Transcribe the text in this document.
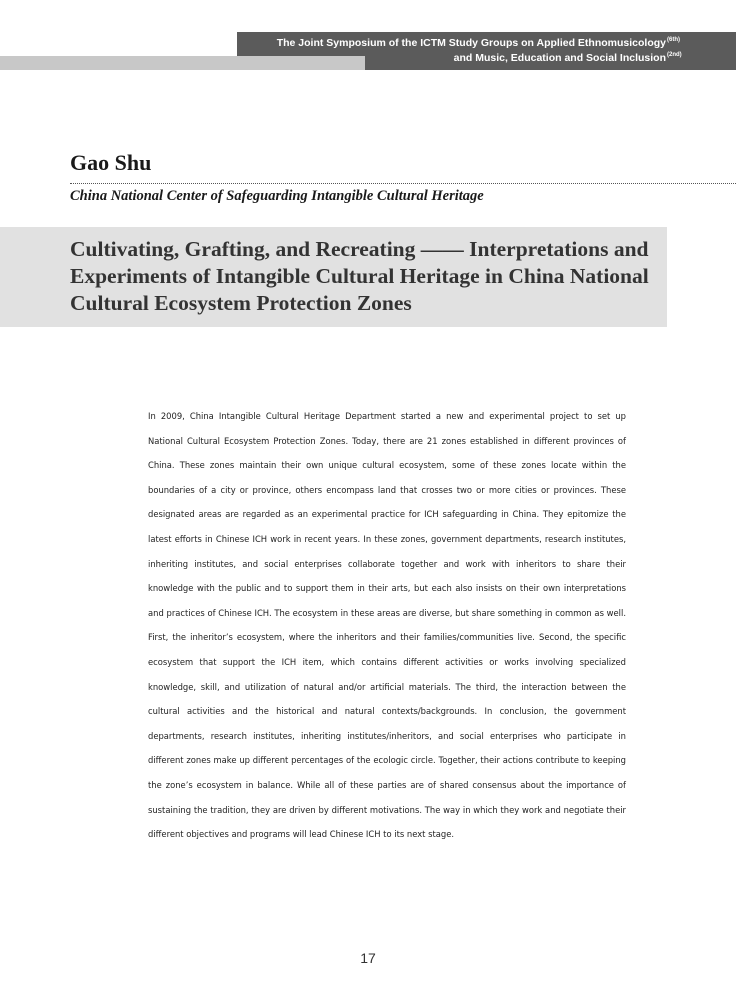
The Joint Symposium of the ICTM Study Groups on Applied Ethnomusicology (6th)
and Music, Education and Social Inclusion (2nd)
Gao Shu
China National Center of Safeguarding Intangible Cultural Heritage
Cultivating, Grafting, and Recreating —— Interpretations and Experiments of Intangible Cultural Heritage in China National Cultural Ecosystem Protection Zones

In 2009, China Intangible Cultural Heritage Department started a new and experimental project to set up National Cultural Ecosystem Protection Zones. Today, there are 21 zones established in different provinces of China. These zones maintain their own unique cultural ecosystem, some of these zones locate within the boundaries of a city or province, others encompass land that crosses two or more cities or provinces. These designated areas are regarded as an experimental practice for ICH safeguarding in China. They epitomize the latest efforts in Chinese ICH work in recent years. In these zones, government departments, research institutes, inheriting institutes, and social enterprises collaborate together and work with inheritors to share their knowledge with the public and to support them in their arts, but each also insists on their own interpretations and practices of Chinese ICH. The ecosystem in these areas are diverse, but share something in common as well. First, the inheritor’s ecosystem, where the inheritors and their families/communities live. Second, the specific ecosystem that support the ICH item, which contains different activities or works involving specialized knowledge, skill, and utilization of natural and/or artificial materials. The third, the interaction between the cultural activities and the historical and natural contexts/backgrounds. In conclusion, the government departments, research institutes, inheriting institutes/inheritors, and social enterprises who participate in different zones make up different percentages of the ecologic circle. Together, their actions contribute to keeping the zone’s ecosystem in balance. While all of these parties are of shared consensus about the importance of sustaining the tradition, they are driven by different motivations. The way in which they work and negotiate their different objectives and programs will lead Chinese ICH to its next stage.

17
